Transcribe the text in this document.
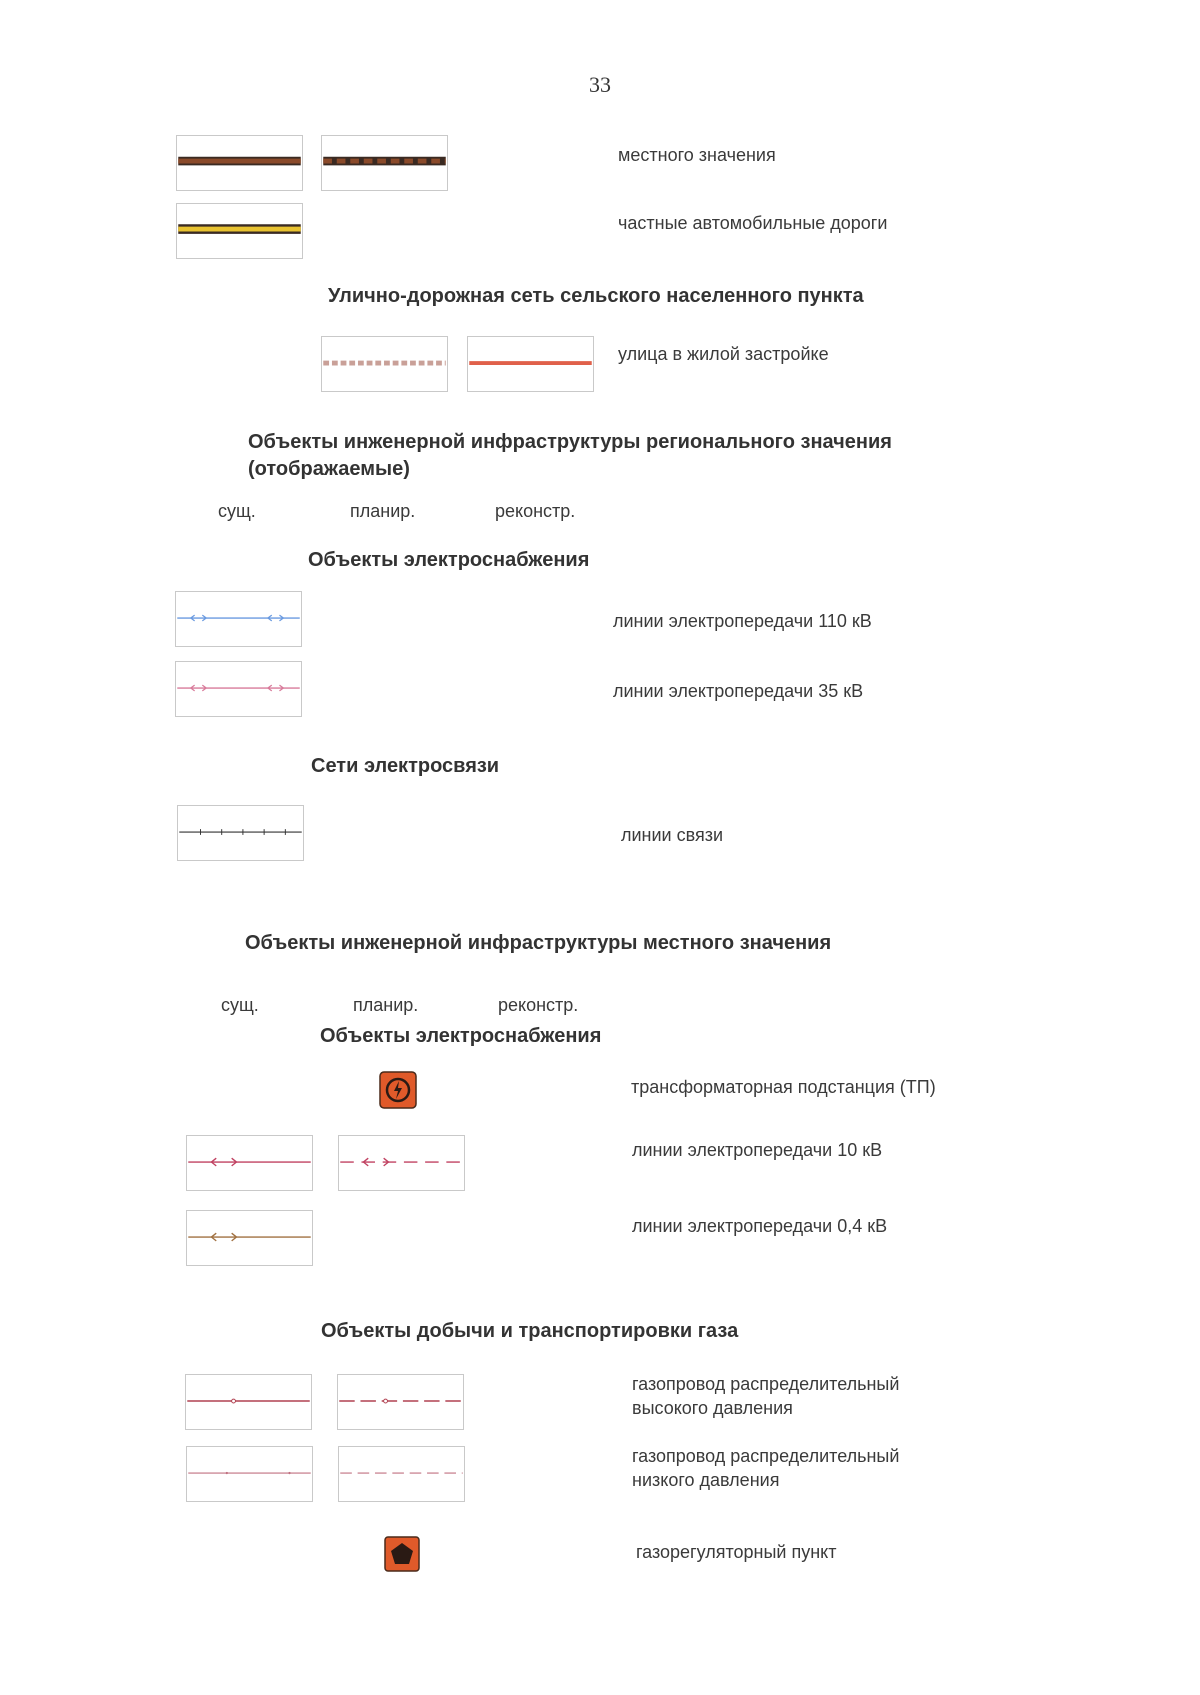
33
местного значения
частные автомобильные дороги
Улично-дорожная сеть сельского населенного пункта
улица в жилой застройке
Объекты инженерной инфраструктуры регионального значения
(отображаемые)
сущ.	планир.	реконстр.
Объекты электроснабжения
линии электропередачи 110 кВ
линии электропередачи 35 кВ
Сети электросвязи
линии связи
Объекты инженерной инфраструктуры местного значения
сущ.	планир.	реконстр.
Объекты электроснабжения
трансформаторная подстанция (ТП)
линии электропередачи 10 кВ
линии электропередачи 0,4 кВ
Объекты добычи и транспортировки газа
газопровод распределительный
высокого давления
газопровод распределительный
низкого давления
газорегуляторный пункт
